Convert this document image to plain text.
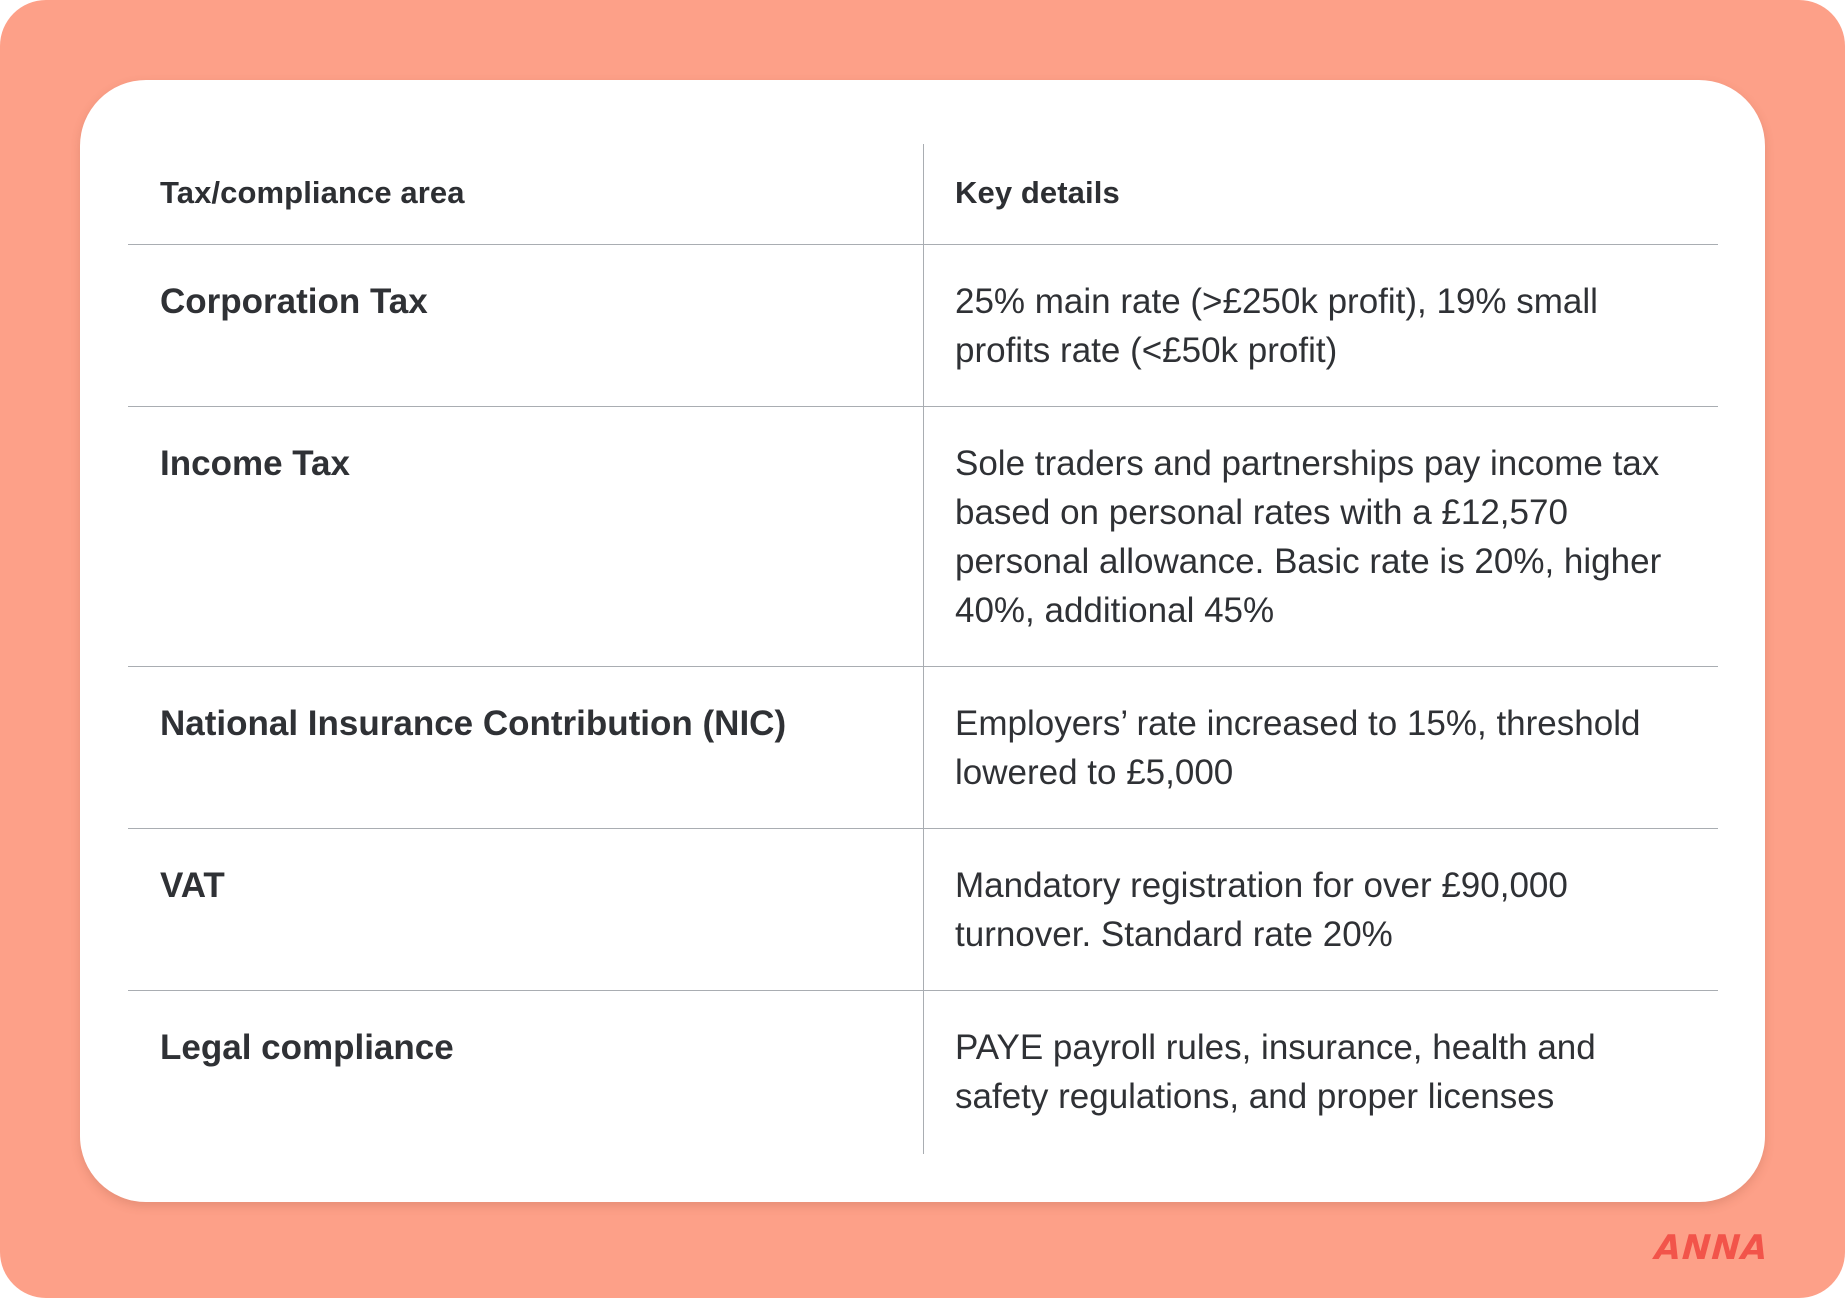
Tax/compliance area	Key details
Corporation Tax	25% main rate (>£250k profit), 19% small profits rate (<£50k profit)
Income Tax	Sole traders and partnerships pay income tax based on personal rates with a £12,570 personal allowance. Basic rate is 20%, higher 40%, additional 45%
National Insurance Contribution (NIC)	Employers’ rate increased to 15%, threshold lowered to £5,000
VAT	Mandatory registration for over £90,000 turnover. Standard rate 20%
Legal compliance	PAYE payroll rules, insurance, health and safety regulations, and proper licenses
ANNA
